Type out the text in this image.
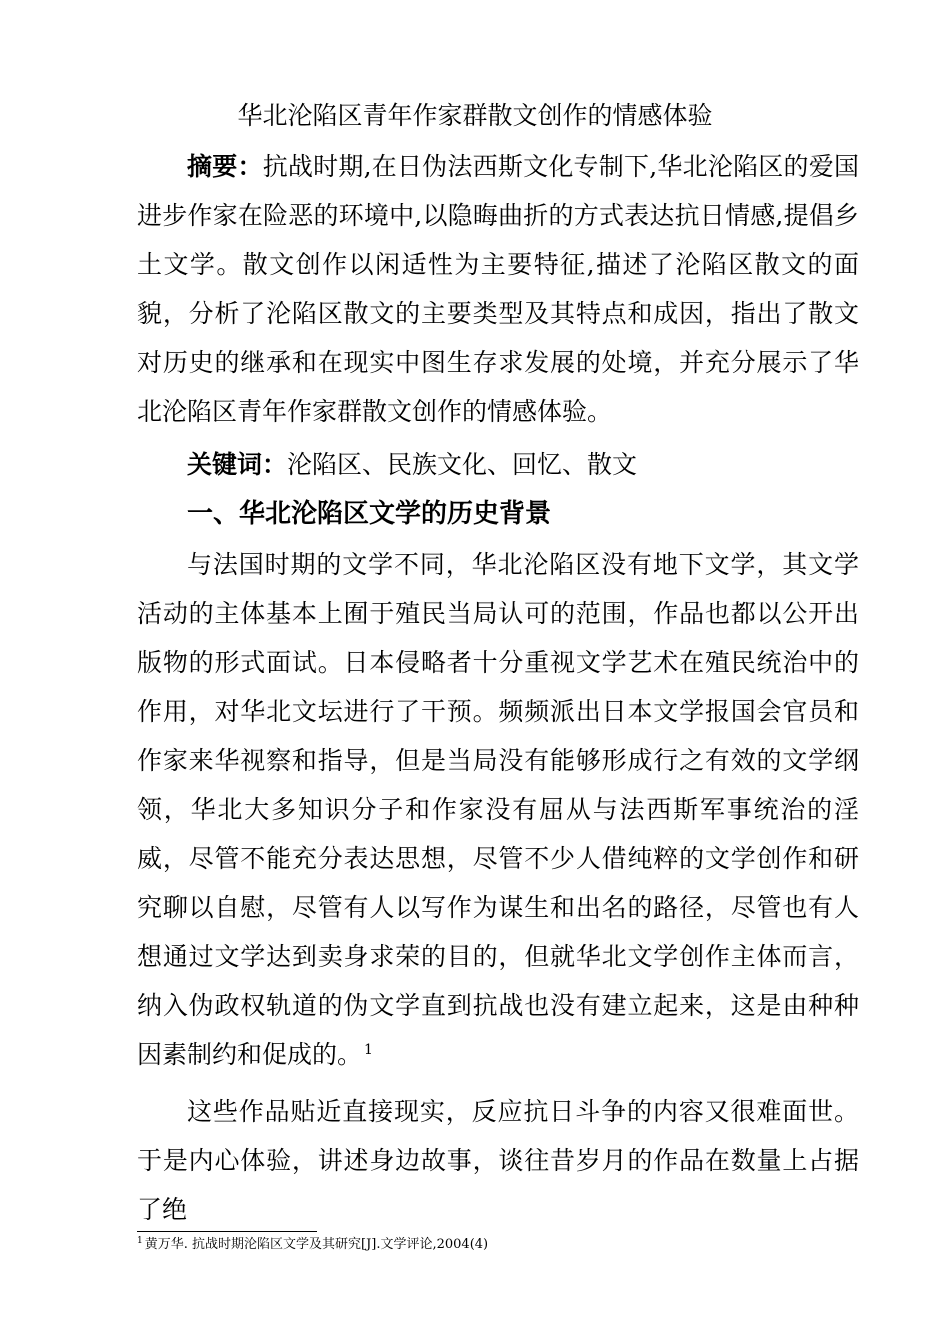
华北沦陷区青年作家群散文创作的情感体验

摘要：抗战时期,在日伪法西斯文化专制下,华北沦陷区的爱国进步作家在险恶的环境中,以隐晦曲折的方式表达抗日情感,提倡乡土文学。散文创作以闲适性为主要特征,描述了沦陷区散文的面貌，分析了沦陷区散文的主要类型及其特点和成因，指出了散文对历史的继承和在现实中图生存求发展的处境，并充分展示了华北沦陷区青年作家群散文创作的情感体验。

关键词：沦陷区、民族文化、回忆、散文

一、华北沦陷区文学的历史背景

与法国时期的文学不同，华北沦陷区没有地下文学，其文学活动的主体基本上囿于殖民当局认可的范围，作品也都以公开出版物的形式面试。日本侵略者十分重视文学艺术在殖民统治中的作用，对华北文坛进行了干预。频频派出日本文学报国会官员和作家来华视察和指导，但是当局没有能够形成行之有效的文学纲领，华北大多知识分子和作家没有屈从与法西斯军事统治的淫威，尽管不能充分表达思想，尽管不少人借纯粹的文学创作和研究聊以自慰，尽管有人以写作为谋生和出名的路径，尽管也有人想通过文学达到卖身求荣的目的，但就华北文学创作主体而言，纳入伪政权轨道的伪文学直到抗战也没有建立起来，这是由种种因素制约和促成的。 $^1$

这些作品贴近直接现实，反应抗日斗争的内容又很难面世。于是内心体验，讲述身边故事，谈往昔岁月的作品在数量上占据了绝

$^1$ 黄万华. 抗战时期沦陷区文学及其研究[J].文学评论,2004(4)
